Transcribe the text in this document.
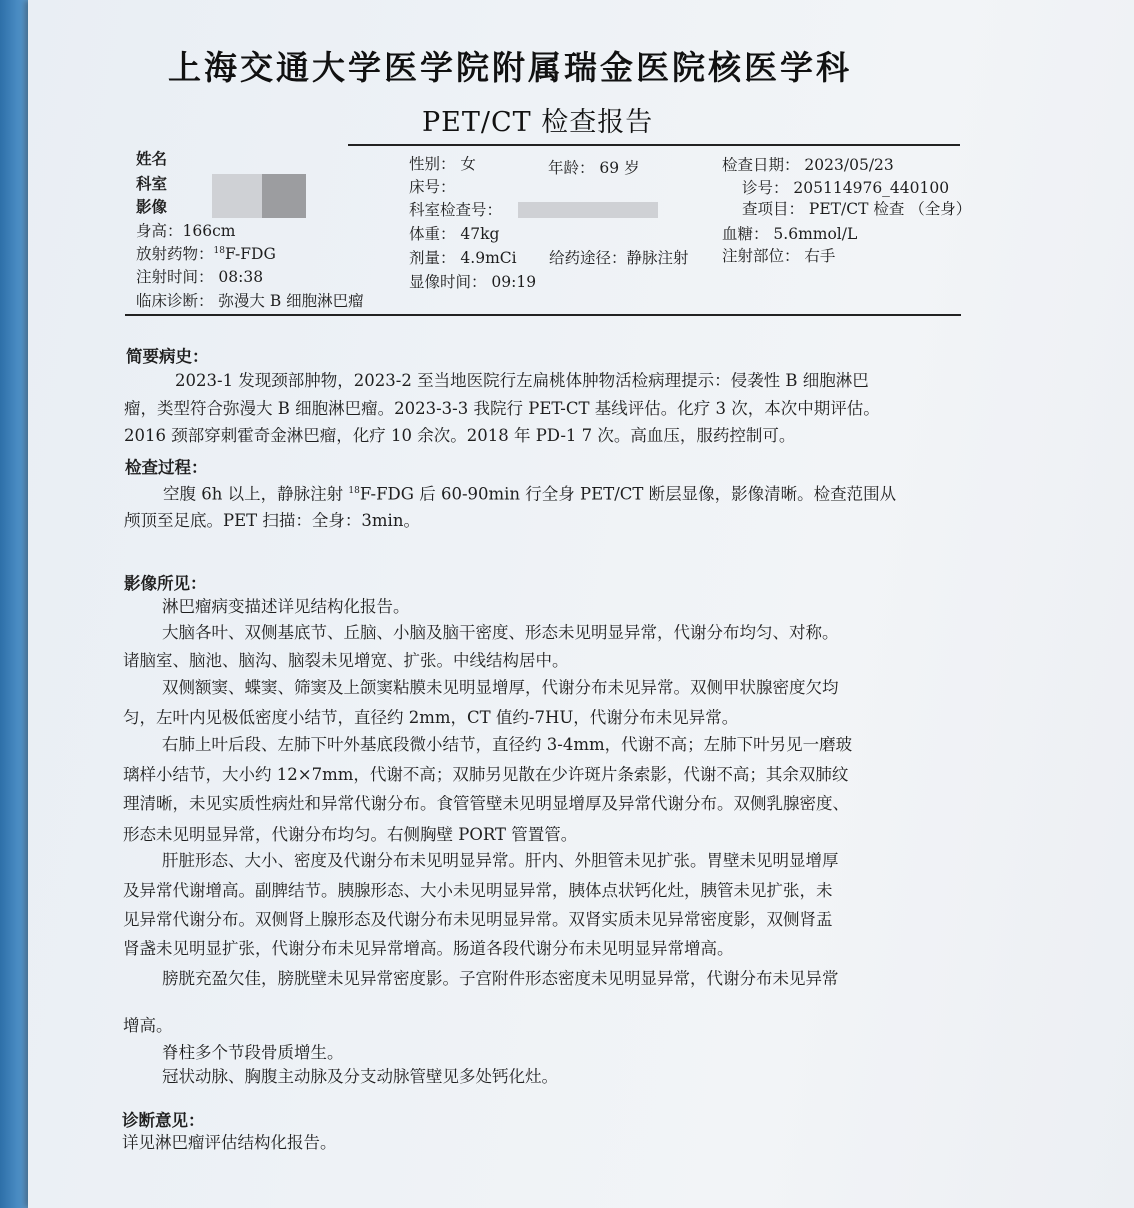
上海交通大学医学院附属瑞金医院核医学科
PET/CT 检查报告
姓名
科室
影像
身高：166cm
放射药物：$^{18}$F-FDG
注射时间： 08:38
临床诊断： 弥漫大 B 细胞淋巴瘤
性别： 女	年龄： 69 岁
床号：
科室检查号：
体重： 47kg
剂量： 4.9mCi 给药途径：静脉注射 注射部位： 右手
显像时间： 09:19
检查日期： 2023/05/23
诊号： 205114976_440100
查项目： PET/CT 检查 （全身）
血糖： 5.6mmol/L
简要病史：
2023-1 发现颈部肿物，2023-2 至当地医院行左扁桃体肿物活检病理提示：侵袭性 B 细胞淋巴
瘤，类型符合弥漫大 B 细胞淋巴瘤。2023-3-3 我院行 PET-CT 基线评估。化疗 3 次，本次中期评估。
2016 颈部穿刺霍奇金淋巴瘤，化疗 10 余次。2018 年 PD-1 7 次。高血压，服药控制可。
检查过程：
空腹 6h 以上，静脉注射 $^{18}$F-FDG 后 60-90min 行全身 PET/CT 断层显像，影像清晰。检查范围从
颅顶至足底。PET 扫描：全身：3min。
影像所见：
淋巴瘤病变描述详见结构化报告。
大脑各叶、双侧基底节、丘脑、小脑及脑干密度、形态未见明显异常，代谢分布均匀、对称。
诸脑室、脑池、脑沟、脑裂未见增宽、扩张。中线结构居中。
双侧额窦、蝶窦、筛窦及上颌窦粘膜未见明显增厚，代谢分布未见异常。双侧甲状腺密度欠均
匀，左叶内见极低密度小结节，直径约 2mm，CT 值约-7HU，代谢分布未见异常。
右肺上叶后段、左肺下叶外基底段微小结节，直径约 3-4mm，代谢不高；左肺下叶另见一磨玻
璃样小结节，大小约 12×7mm，代谢不高；双肺另见散在少许斑片条索影，代谢不高；其余双肺纹
理清晰，未见实质性病灶和异常代谢分布。食管管壁未见明显增厚及异常代谢分布。双侧乳腺密度、
形态未见明显异常，代谢分布均匀。右侧胸壁 PORT 管置管。
肝脏形态、大小、密度及代谢分布未见明显异常。肝内、外胆管未见扩张。胃壁未见明显增厚
及异常代谢增高。副脾结节。胰腺形态、大小未见明显异常，胰体点状钙化灶，胰管未见扩张，未
见异常代谢分布。双侧肾上腺形态及代谢分布未见明显异常。双肾实质未见异常密度影，双侧肾盂
肾盏未见明显扩张，代谢分布未见异常增高。肠道各段代谢分布未见明显异常增高。
膀胱充盈欠佳，膀胱壁未见异常密度影。子宫附件形态密度未见明显异常，代谢分布未见异常
增高。
脊柱多个节段骨质增生。
冠状动脉、胸腹主动脉及分支动脉管壁见多处钙化灶。
诊断意见：
详见淋巴瘤评估结构化报告。
